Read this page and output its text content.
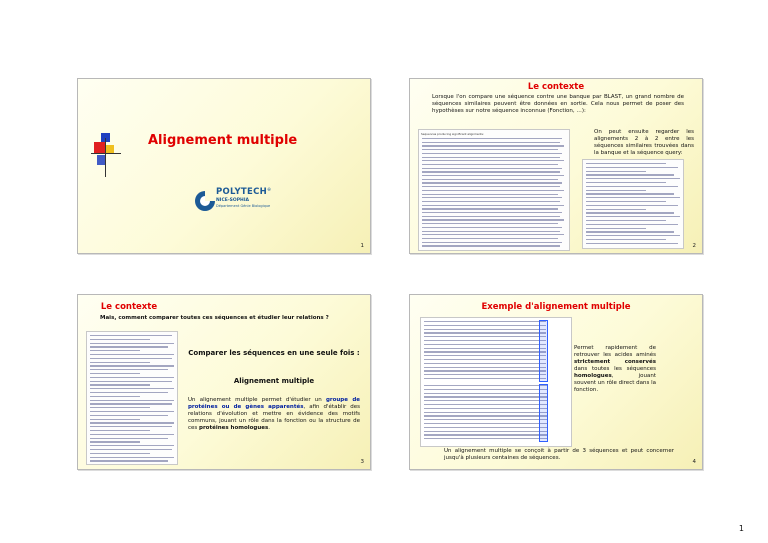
Alignement multiple
POLYTECH®
NICE-SOPHIA
Département Génie Biologique
1
Le contexte
Lorsque l'on compare une séquence contre une banque par BLAST, un grand nombre de séquences similaires peuvent être données en sortie. Cela nous permet de poser des hypothèses sur notre séquence inconnue (Fonction, …):
Sequences producing significant alignments:	On peut ensuite regarder les alignements 2 à 2 entre les séquences similaires trouvées dans la banque et la séquence query:
2
Le contexte
Mais, comment comparer toutes ces séquences et étudier leur relations ?
Comparer les séquences en une seule fois :
Alignement multiple
Un alignement multiple permet d'étudier un groupe de protéines ou de gènes apparentés, afin d'établir des relations d'évolution et mettre en évidence des motifs communs, jouant un rôle dans la fonction ou la structure de ces protéines homologues.
3
Exemple d'alignement multiple
Permet rapidement de retrouver les acides aminés strictement conservés dans toutes les séquences homologues, jouant souvent un rôle direct dans la fonction.
Un alignement multiple se conçoit à partir de 3 séquences et peut concerner jusqu'à plusieurs centaines de séquences.
4
1
